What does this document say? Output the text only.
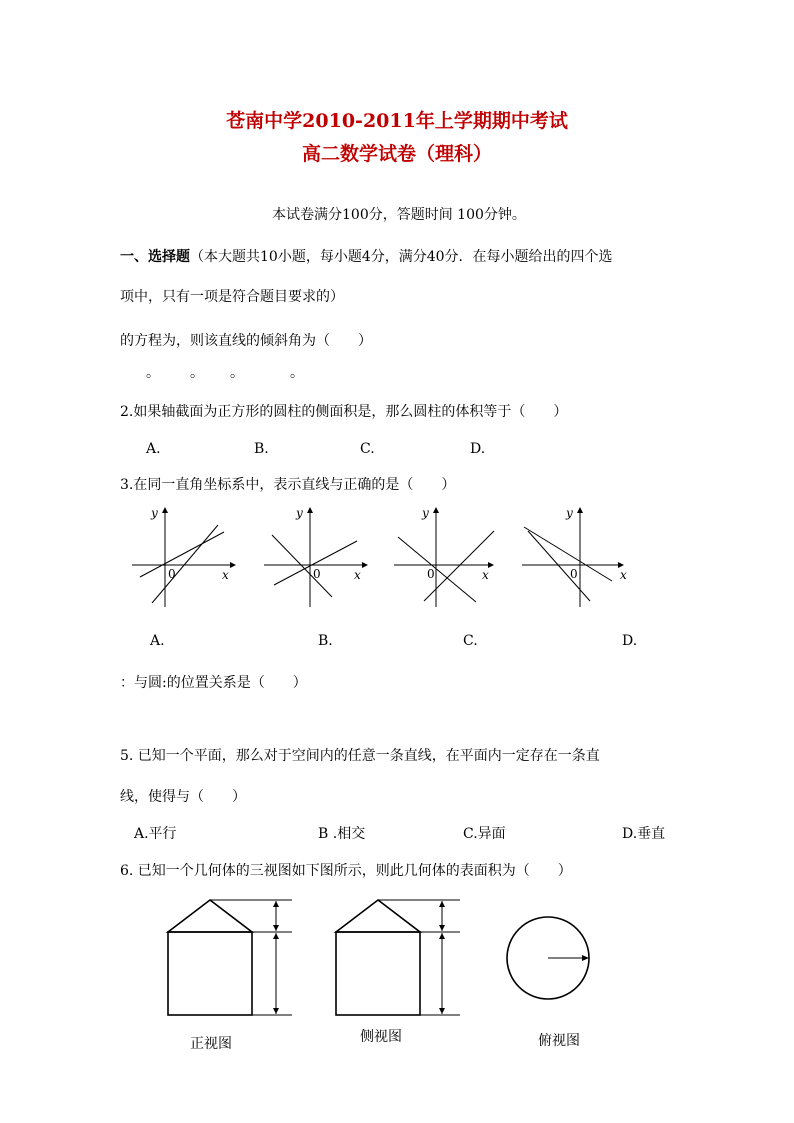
苍南中学2010-2011年上学期期中考试
高二数学试卷（理科）
本试卷满分100分，答题时间 100分钟。
一、选择题（本大题共10小题，每小题4分，满分40分．在每小题给出的四个选
项中，只有一项是符合题目要求的）
的方程为，则该直线的倾斜角为（　　）
。 。 。	。
2.如果轴截面为正方形的圆柱的侧面积是，那么圆柱的体积等于（　　）
A.	B.	C.	D.
3.在同一直角坐标系中，表示直线与正确的是（　　）
y
x
0
y
x
0
y
x
0
y
x
0
A.	B.	C.	D.
：与圆:的位置关系是（　　）
5. 已知一个平面，那么对于空间内的任意一条直线，在平面内一定存在一条直
线，使得与（　　）
A.平行	B .相交	C.异面	D.垂直
6. 已知一个几何体的三视图如下图所示，则此几何体的表面积为（　　）
正视图	侧视图	俯视图
